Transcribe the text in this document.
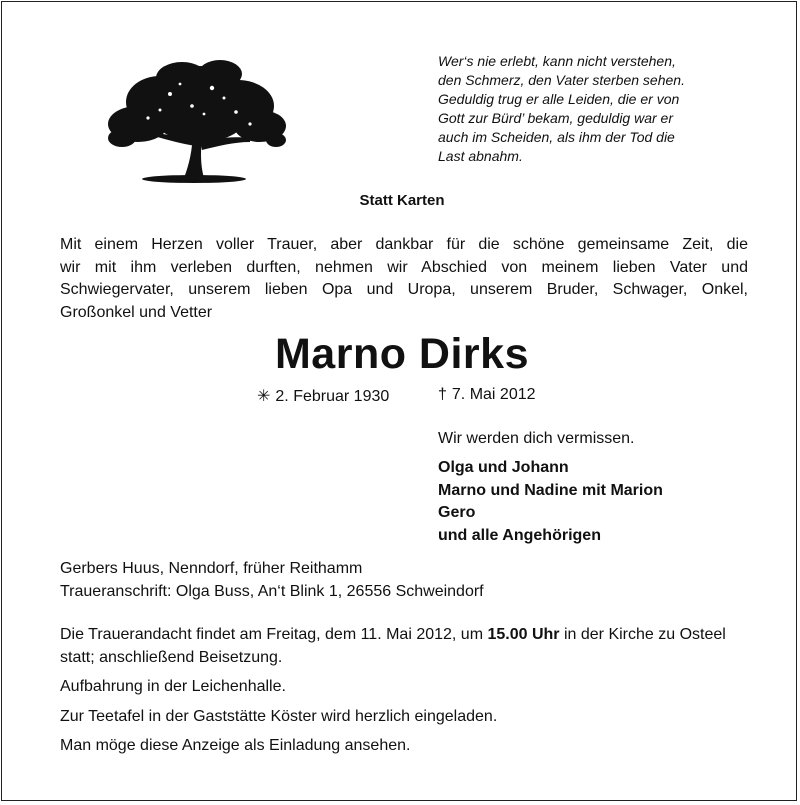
Wer‘s nie erlebt, kann nicht verstehen,
den Schmerz, den Vater sterben sehen.
Geduldig trug er alle Leiden, die er von
Gott zur Bürd’ bekam, geduldig war er
auch im Scheiden, als ihm der Tod die
Last abnahm.
Statt Karten
Mit einem Herzen voller Trauer, aber dankbar für die schöne gemeinsame Zeit, die
wir mit ihm verleben durften, nehmen wir Abschied von meinem lieben Vater und
Schwiegervater, unserem lieben Opa und Uropa, unserem Bruder, Schwager, Onkel,
Großonkel und Vetter
Marno Dirks
✳ 2. Februar 1930	† 7. Mai 2012
Wir werden dich vermissen.
Olga und Johann
Marno und Nadine mit Marion
Gero
und alle Angehörigen
Gerbers Huus, Nenndorf, früher Reithamm
Traueranschrift: Olga Buss, An‘t Blink 1, 26556 Schweindorf

Die Trauerandacht findet am Freitag, dem 11. Mai 2012, um 15.00 Uhr in der Kirche zu Osteel statt; anschließend Beisetzung.

Aufbahrung in der Leichenhalle.

Zur Teetafel in der Gaststätte Köster wird herzlich eingeladen.

Man möge diese Anzeige als Einladung ansehen.
